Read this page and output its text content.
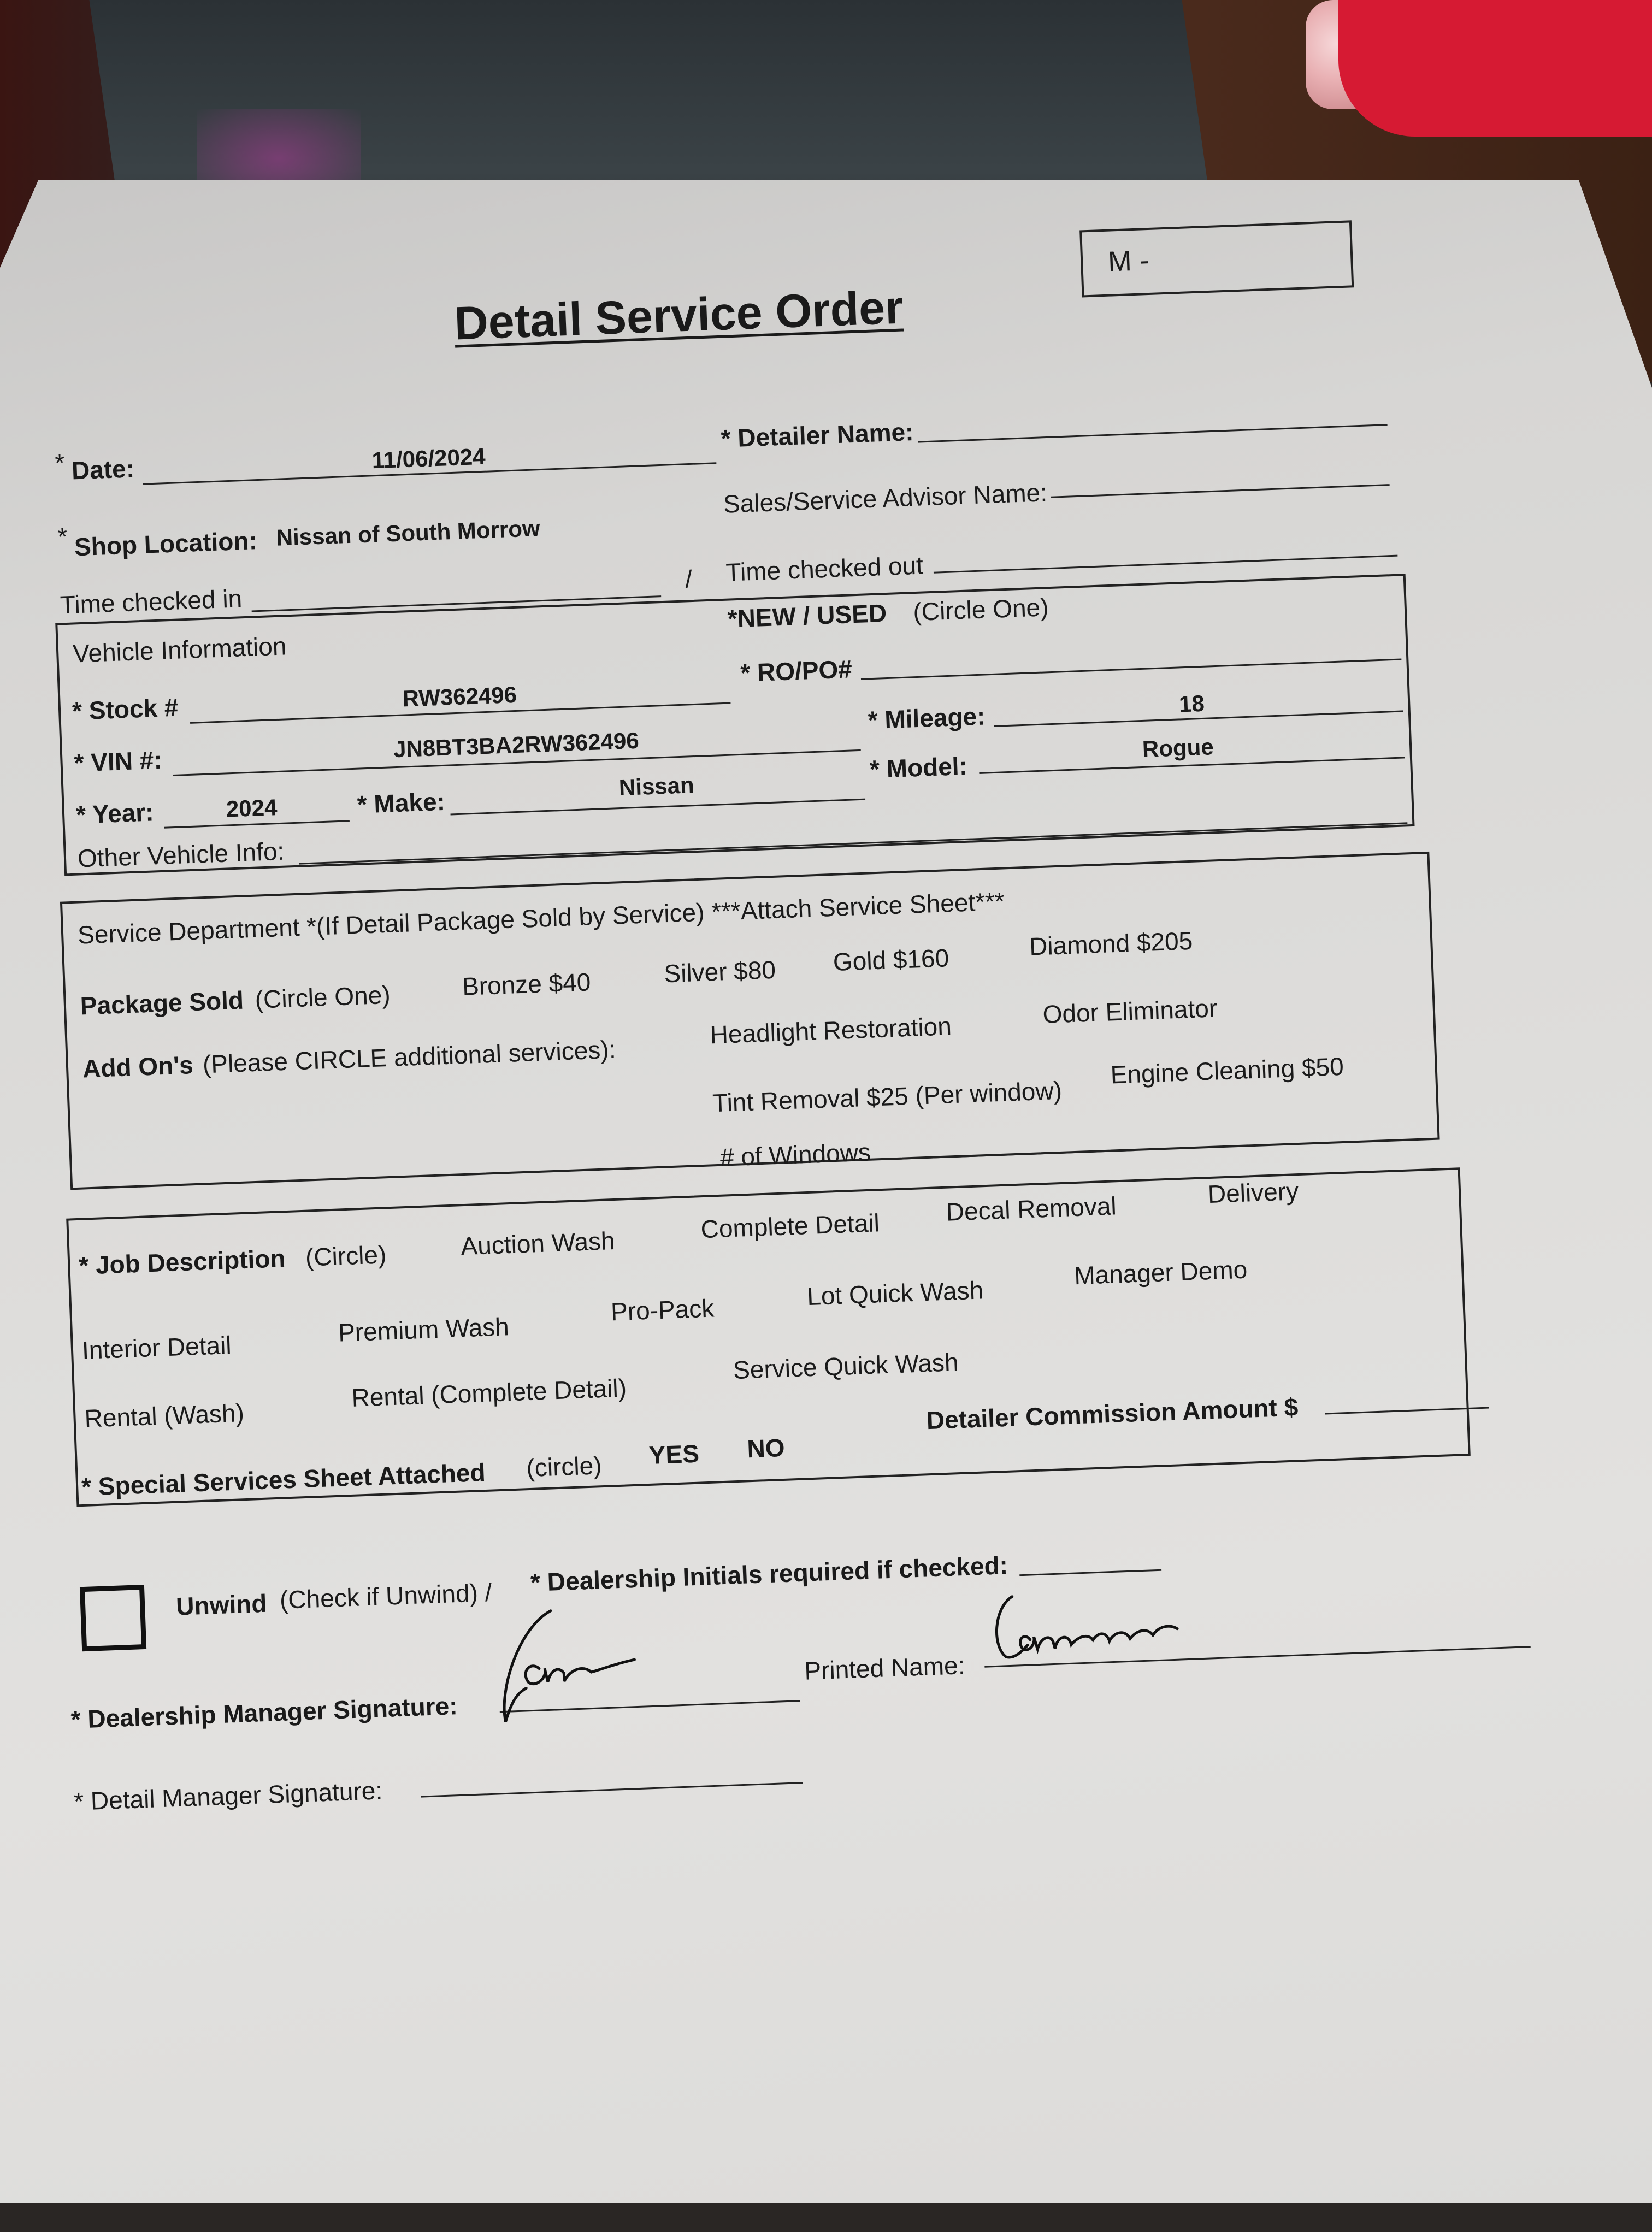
Detail Service Order
M -
* Date:	11/06/2024
* Detailer Name:
* Shop Location: Nissan of South Morrow
Sales/Service Advisor Name:
Time checked in
/ Time checked out
Vehicle Information
*NEW / USED (Circle One)
* Stock #	RW362496
* RO/PO#
* VIN #:	JN8BT3BA2RW362496
* Mileage:	18
* Year:	2024	* Make:
Nissan
* Model:
Rogue
Other Vehicle Info:
Service Department *(If Detail Package Sold by Service) ***Attach Service Sheet***
Package Sold (Circle One)	Bronze $40	Silver $80 Gold $160	Diamond $205
Add On's (Please CIRCLE additional services):
Headlight Restoration
Odor Eliminator
Tint Removal $25 (Per window)
Engine Cleaning $50
# of Windows
* Job Description (Circle)	Auction Wash	Complete Detail	Decal Removal	Delivery
Interior Detail
Premium Wash
Pro-Pack	Lot Quick Wash
Manager Demo
Rental (Wash)
Rental (Complete Detail)
Service Quick Wash
* Special Services Sheet Attached (circle) YES NO
Detailer Commission Amount $
Unwind (Check if Unwind) / * Dealership Initials required if checked:
* Dealership Manager Signature:
Printed Name:
* Detail Manager Signature:
